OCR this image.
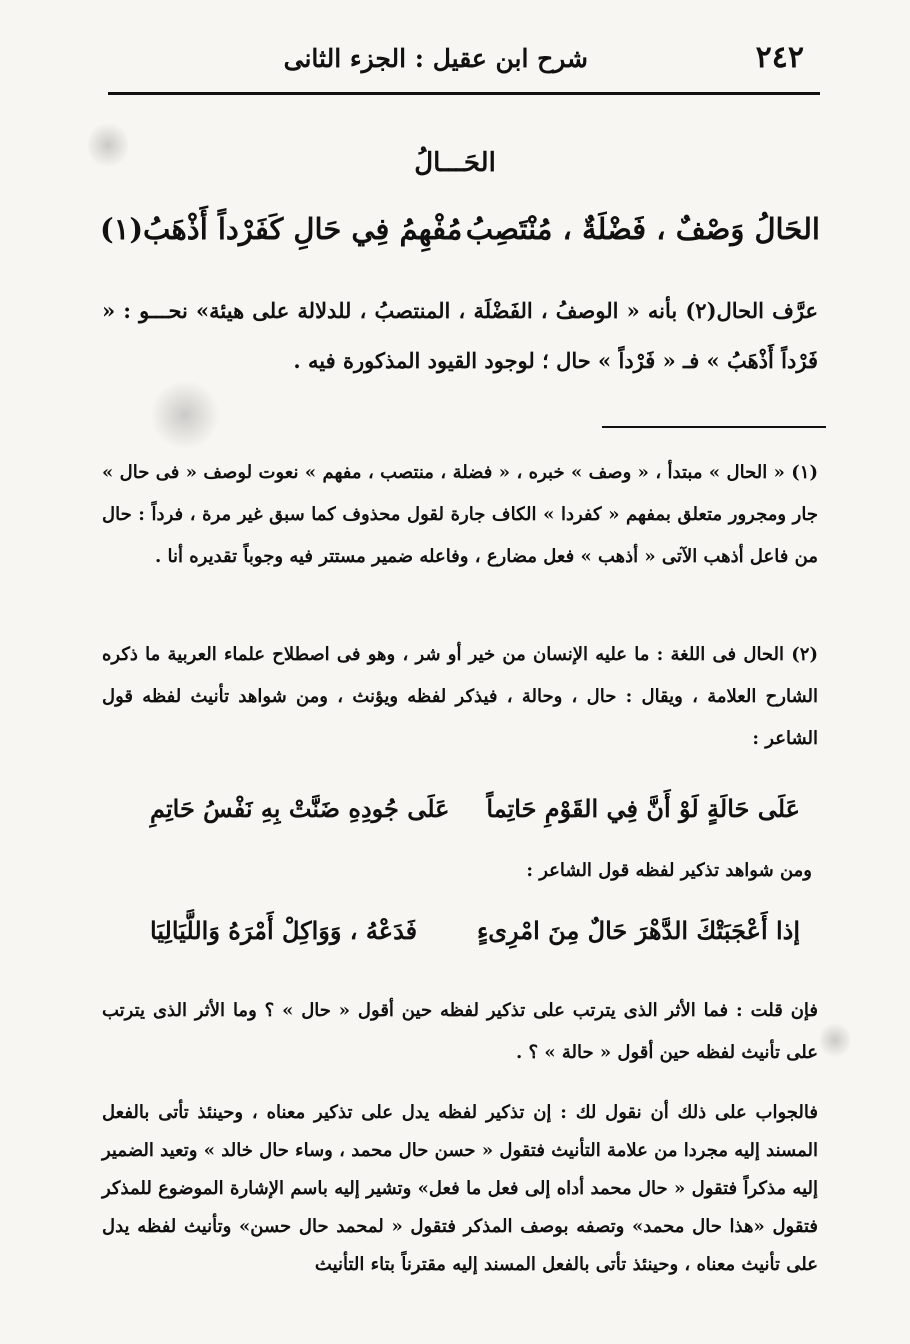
٢٤٢
شرح ابن عقيل : الجزء الثانى
الحَـــالُ
الحَالُ وَصْفٌ ، فَضْلَةٌ ، مُنْتَصِبُ ،
مُفْهِمُ فِي حَالِ كَفَرْداً أَذْهَبُ(١)
عرَّف الحال(٢) بأنه « الوصفُ ، الفَضْلَة ، المنتصبُ ، للدلالة على هيئة» نحـــو : « فَرْداً أَذْهَبُ » فـ « فَرْداً » حال ؛ لوجود القيود المذكورة فيه .
(١) « الحال » مبتدأ ، « وصف » خبره ، « فضلة ، منتصب ، مفهم » نعوت لوصف « فى حال » جار ومجرور متعلق بمفهم « كفردا » الكاف جارة لقول محذوف كما سبق غير مرة ، فرداً : حال من فاعل أذهب الآتى « أذهب » فعل مضارع ، وفاعله ضمير مستتر فيه وجوباً تقديره أنا .
(٢) الحال فى اللغة : ما عليه الإنسان من خير أو شر ، وهو فى اصطلاح علماء العربية ما ذكره الشارح العلامة ، ويقال : حال ، وحالة ، فيذكر لفظه ويؤنث ، ومن شواهد تأنيث لفظه قول الشاعر :
عَلَى حَالَةٍ لَوْ أَنَّ فِي القَوْمِ حَاتِماً
عَلَى جُودِهِ ضَنَّتْ بِهِ نَفْسُ حَاتِمِ
ومن شواهد تذكير لفظه قول الشاعر :
إذا أَعْجَبَتْكَ الدَّهْرَ حَالٌ مِنَ امْرِىءٍ
فَدَعْهُ ، وَوَاكِلْ أَمْرَهُ وَاللَّيَالِيَا
فإن قلت : فما الأثر الذى يترتب على تذكير لفظه حين أقول « حال » ؟ وما الأثر الذى يترتب على تأنيث لفظه حين أقول « حالة » ؟ .
فالجواب على ذلك أن نقول لك : إن تذكير لفظه يدل على تذكير معناه ، وحينئذ تأتى بالفعل المسند إليه مجردا من علامة التأنيث فتقول « حسن حال محمد ، وساء حال خالد » وتعيد الضمير إليه مذكراً فتقول « حال محمد أداه إلى فعل ما فعل» وتشير إليه باسم الإشارة الموضوع للمذكر فتقول «هذا حال محمد» وتصفه بوصف المذكر فتقول « لمحمد حال حسن» وتأنيث لفظه يدل على تأنيث معناه ، وحينئذ تأتى بالفعل المسند إليه مقترناً بتاء التأنيث
